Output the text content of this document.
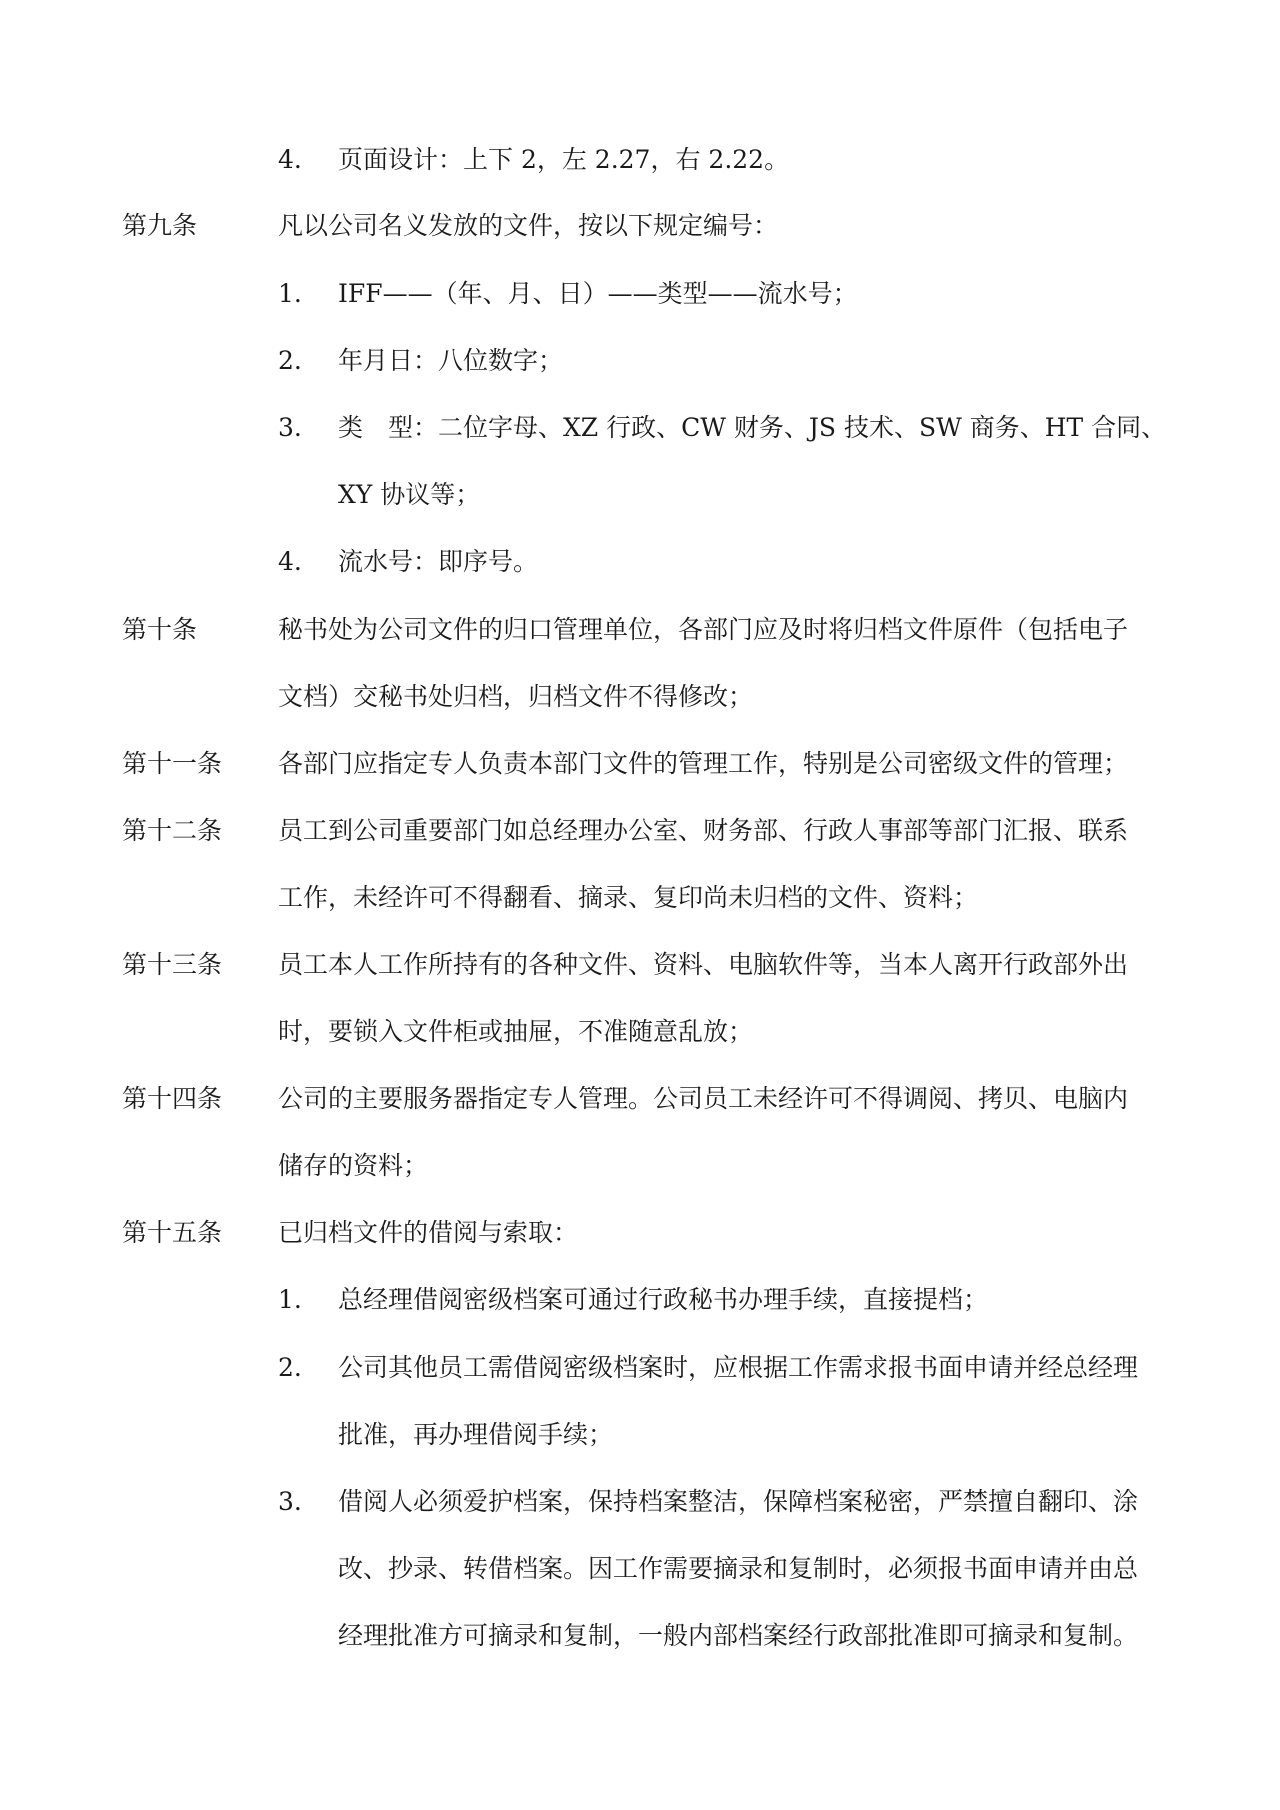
4. 页面设计：上下 2，左 2.27，右 2.22。
第九条	凡以公司名义发放的文件，按以下规定编号：
1. IFF——（年、月、日）——类型——流水号；
2. 年月日：八位数字；
3. 类　型：二位字母、XZ 行政、CW 财务、JS 技术、SW 商务、HT 合同、
XY 协议等；
4. 流水号：即序号。
第十条	秘书处为公司文件的归口管理单位，各部门应及时将归档文件原件（包括电子
文档）交秘书处归档，归档文件不得修改；
第十一条 各部门应指定专人负责本部门文件的管理工作，特别是公司密级文件的管理；
第十二条 员工到公司重要部门如总经理办公室、财务部、行政人事部等部门汇报、联系
工作，未经许可不得翻看、摘录、复印尚未归档的文件、资料；
第十三条 员工本人工作所持有的各种文件、资料、电脑软件等，当本人离开行政部外出
时，要锁入文件柜或抽屉，不准随意乱放；
第十四条 公司的主要服务器指定专人管理。公司员工未经许可不得调阅、拷贝、电脑内
储存的资料；
第十五条 已归档文件的借阅与索取：
1. 总经理借阅密级档案可通过行政秘书办理手续，直接提档；
2. 公司其他员工需借阅密级档案时，应根据工作需求报书面申请并经总经理
批准，再办理借阅手续；
3. 借阅人必须爱护档案，保持档案整洁，保障档案秘密，严禁擅自翻印、涂
改、抄录、转借档案。因工作需要摘录和复制时，必须报书面申请并由总
经理批准方可摘录和复制，一般内部档案经行政部批准即可摘录和复制。
